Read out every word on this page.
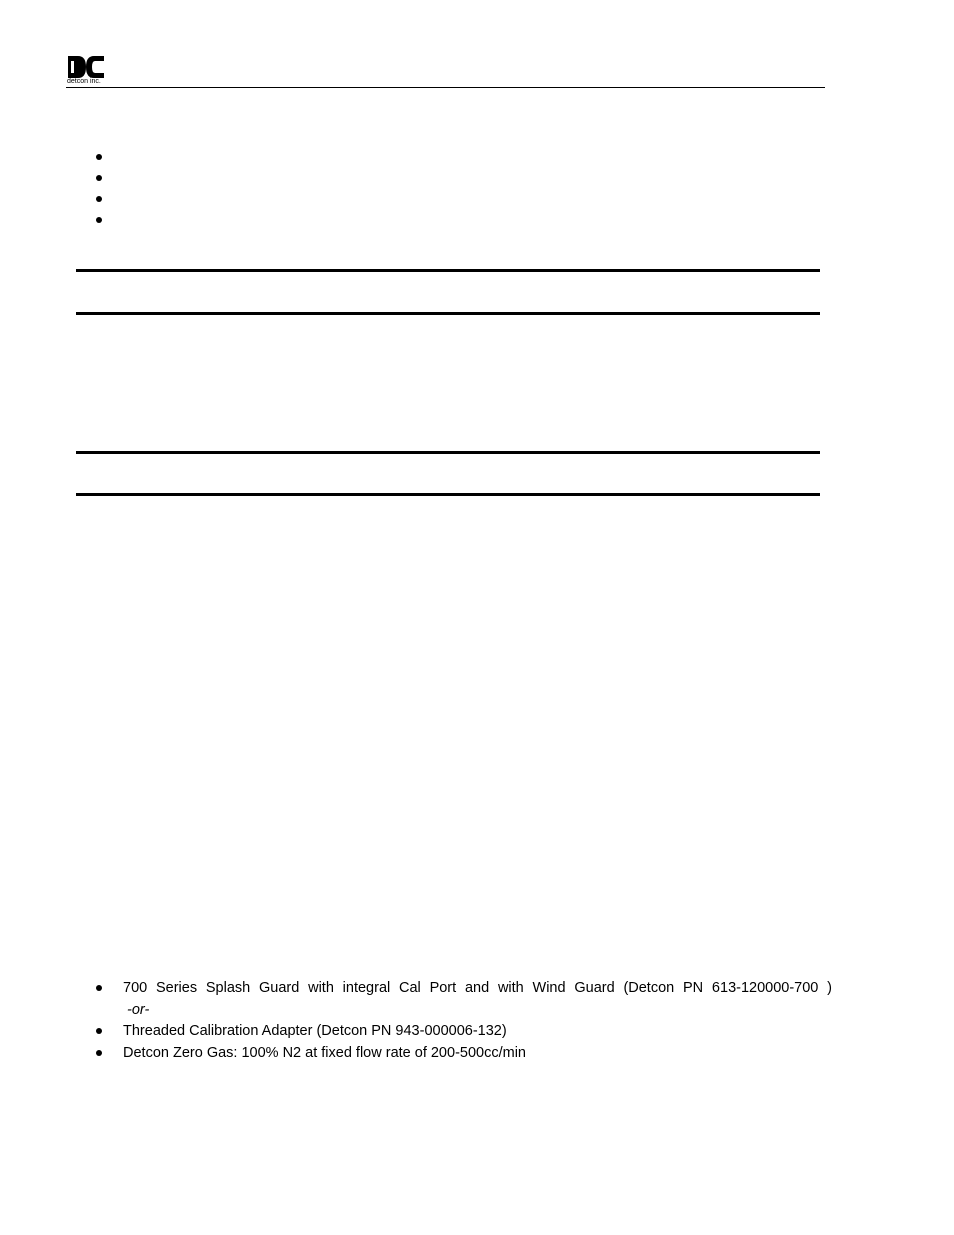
detcon inc.
700 Series Splash Guard with integral Cal Port and with Wind Guard (Detcon PN 613-120000-700 )
-or-
Threaded Calibration Adapter (Detcon PN 943-000006-132)
Detcon Zero Gas: 100% N2 at fixed flow rate of 200-500cc/min
